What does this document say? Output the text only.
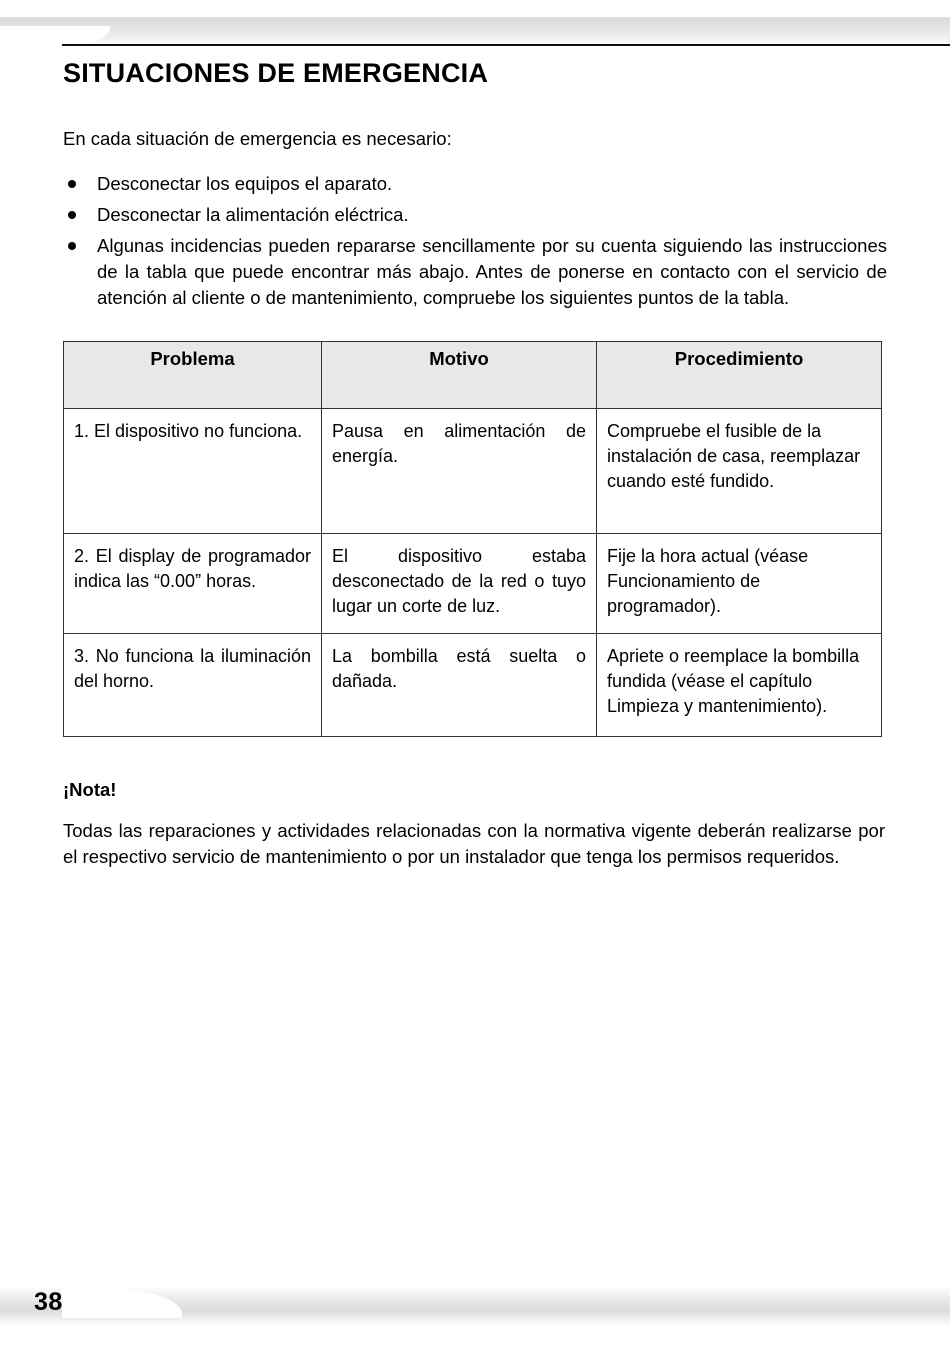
SITUACIONES DE EMERGENCIA

En cada situación de emergencia es necesario:

Desconectar los equipos el aparato.
Desconectar la alimentación eléctrica.
Algunas incidencias pueden repararse sencillamente por su cuenta siguiendo las instrucciones de la tabla que puede encontrar más abajo. Antes de ponerse en contacto con el servicio de atención al cliente o de mantenimiento, compruebe los siguientes puntos de la tabla.
Problema	Motivo	Procedimiento
1. El dispositivo no funciona.	Pausa en alimentación de energía.	Compruebe el fusible de la instalación de casa, reemplazar cuando esté fundido.
2. El display de programador indica las “0.00” horas.	El dispositivo estaba desconectado de la red o tuyo lugar un corte de luz.	Fije la hora actual (véase Funcionamiento de programador).
3. No funciona la iluminación del horno.	La bombilla está suelta o dañada.	Apriete o reemplace la bombilla fundida (véase el capítulo Limpieza y mantenimiento).
¡Nota!
Todas las reparaciones y actividades relacionadas con la normativa vigente deberán realizarse por el respectivo servicio de mantenimiento o por un instalador que tenga los permisos requeridos.
38
